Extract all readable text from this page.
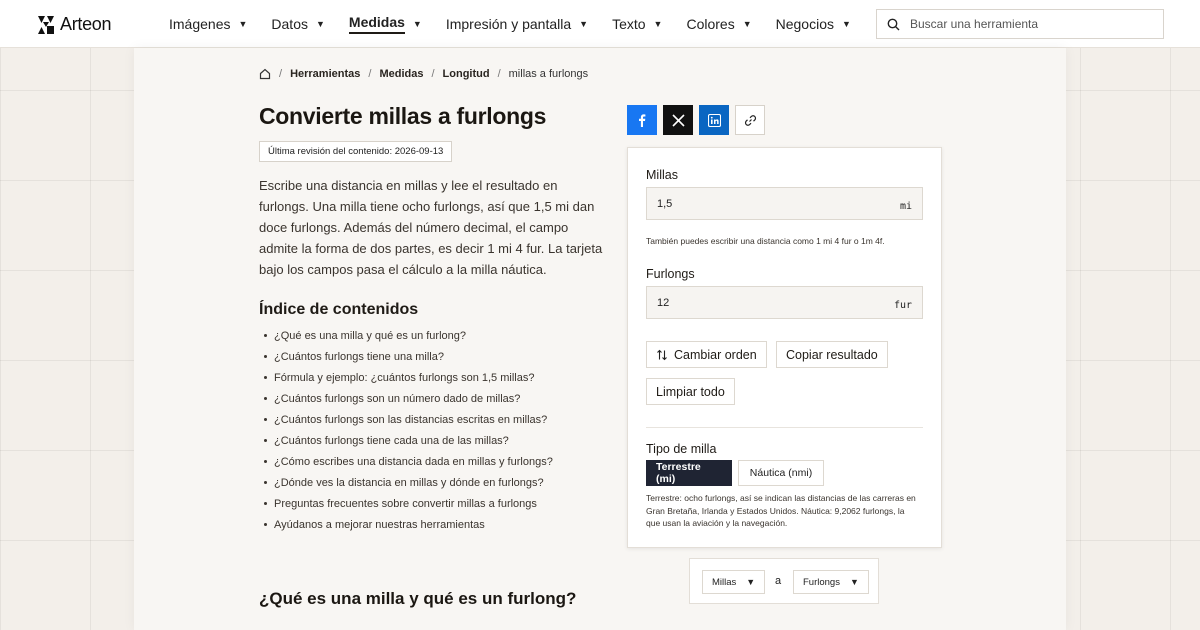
Arteon	Imágenes ▼ Datos ▼ Medidas ▼ Impresión y pantalla ▼ Texto ▼ Colores ▼ Negocios ▼
Buscar una herramienta
/ Herramientas / Medidas / Longitud / millas a furlongs
Convierte millas a furlongs
Última revisión del contenido: 2026-09-13

Escribe una distancia en millas y lee el resultado en furlongs. Una milla tiene ocho furlongs, así que 1,5 mi dan doce furlongs. Además del número decimal, el campo admite la forma de dos partes, es decir 1 mi 4 fur. La tarjeta bajo los campos pasa el cálculo a la milla náutica.

Índice de contenidos
¿Qué es una milla y qué es un furlong?
¿Cuántos furlongs tiene una milla?
Fórmula y ejemplo: ¿cuántos furlongs son 1,5 millas?
¿Cuántos furlongs son un número dado de millas?
¿Cuántos furlongs son las distancias escritas en millas?
¿Cuántos furlongs tiene cada una de las millas?
¿Cómo escribes una distancia dada en millas y furlongs?
¿Dónde ves la distancia en millas y dónde en furlongs?
Preguntas frecuentes sobre convertir millas a furlongs
Ayúdanos a mejorar nuestras herramientas
¿Qué es una milla y qué es un furlong?
Millas
1,5
mi
También puedes escribir una distancia como 1 mi 4 fur o 1m 4f.
Furlongs
12
fur
Cambiar orden Copiar resultado
Limpiar todo
Tipo de milla
Terrestre (mi)	Náutica (nmi)

Terrestre: ocho furlongs, así se indican las distancias de las carreras en Gran Bretaña, Irlanda y Estados Unidos. Náutica: 9,2062 furlongs, la que usan la aviación y la navegación.

Millas ▼ a Furlongs ▼
